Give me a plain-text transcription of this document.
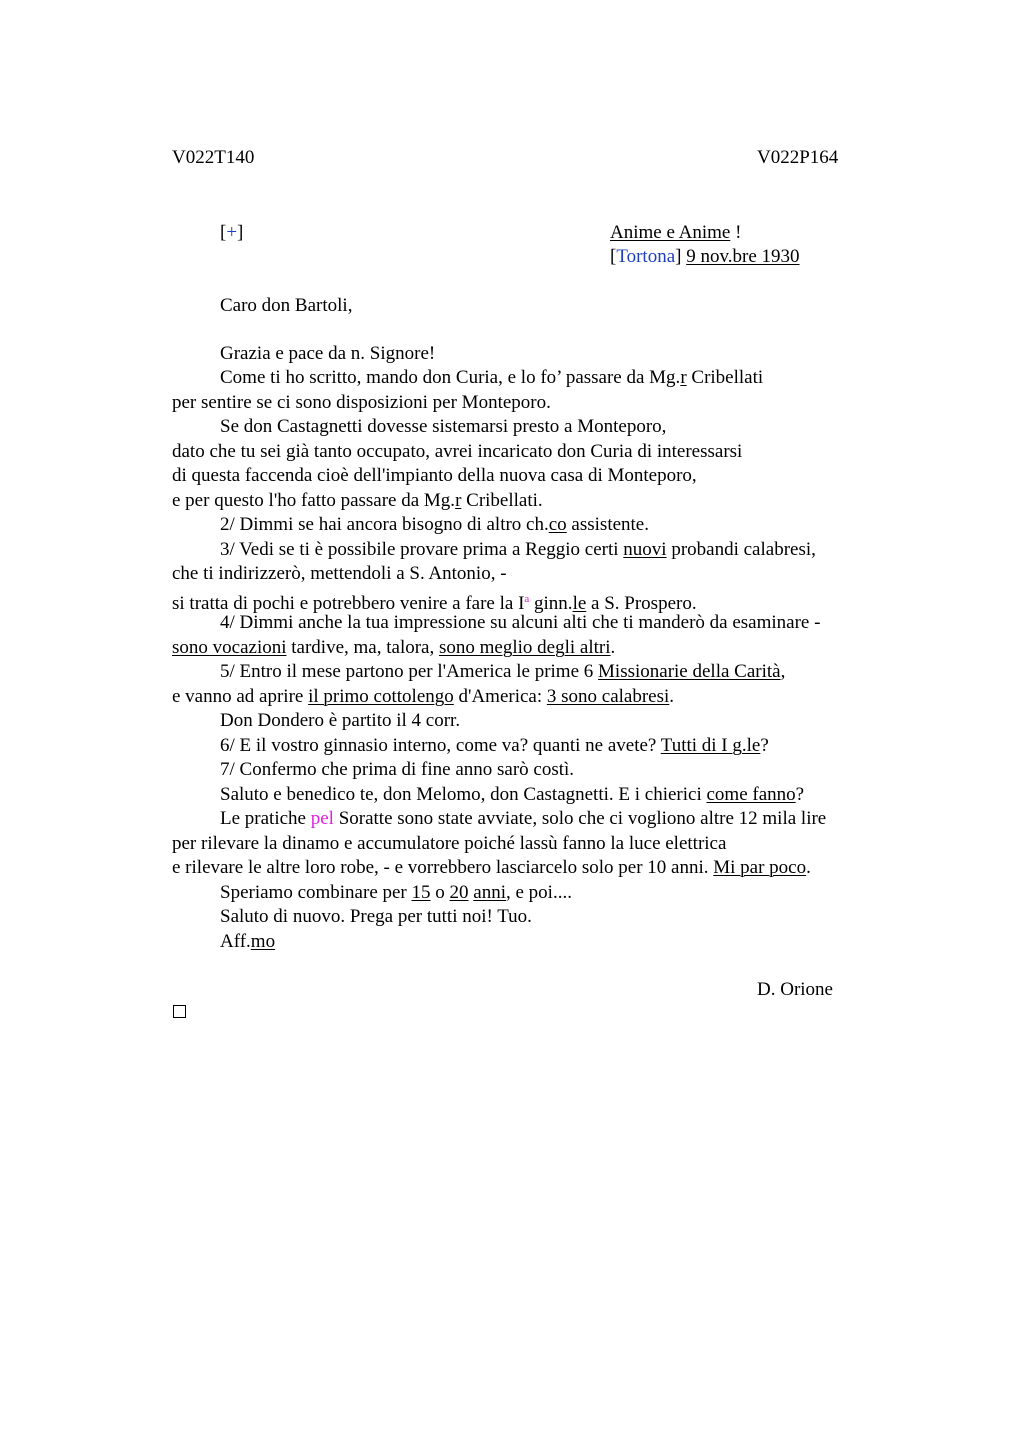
V022T140	V022P164
[+]	Anime e Anime !
[Tortona] 9 nov.bre 1930
Caro don Bartoli,
Grazia e pace da n. Signore!
Come ti ho scritto, mando don Curia, e lo fo’ passare da Mg.r Cribellati
per sentire se ci sono disposizioni per Monteporo.
Se don Castagnetti dovesse sistemarsi presto a Monteporo,
dato che tu sei già tanto occupato, avrei incaricato don Curia di interessarsi
di questa faccenda cioè dell'impianto della nuova casa di Monteporo,
e per questo l'ho fatto passare da Mg.r Cribellati.
2/ Dimmi se hai ancora bisogno di altro ch.co assistente.
3/ Vedi se ti è possibile provare prima a Reggio certi nuovi probandi calabresi,
che ti indirizzerò, mettendoli a S. Antonio, -
si tratta di pochi e potrebbero venire a fare la $I^a$ ginn.le a S. Prospero.
4/ Dimmi anche la tua impressione su alcuni alti che ti manderò da esaminare -
sono vocazioni tardive, ma, talora, sono meglio degli altri.
5/ Entro il mese partono per l'America le prime 6 Missionarie della Carità,
e vanno ad aprire il primo cottolengo d'America: 3 sono calabresi.
Don Dondero è partito il 4 corr.
6/ E il vostro ginnasio interno, come va? quanti ne avete? Tutti di I g.le?
7/ Confermo che prima di fine anno sarò costì.
Saluto e benedico te, don Melomo, don Castagnetti. E i chierici come fanno?
Le pratiche pel Soratte sono state avviate, solo che ci vogliono altre 12 mila lire
per rilevare la dinamo e accumulatore poiché lassù fanno la luce elettrica
e rilevare le altre loro robe, - e vorrebbero lasciarcelo solo per 10 anni. Mi par poco.
Speriamo combinare per 15 o 20 anni, e poi....
Saluto di nuovo. Prega per tutti noi! Tuo.
Aff.mo
D. Orione
